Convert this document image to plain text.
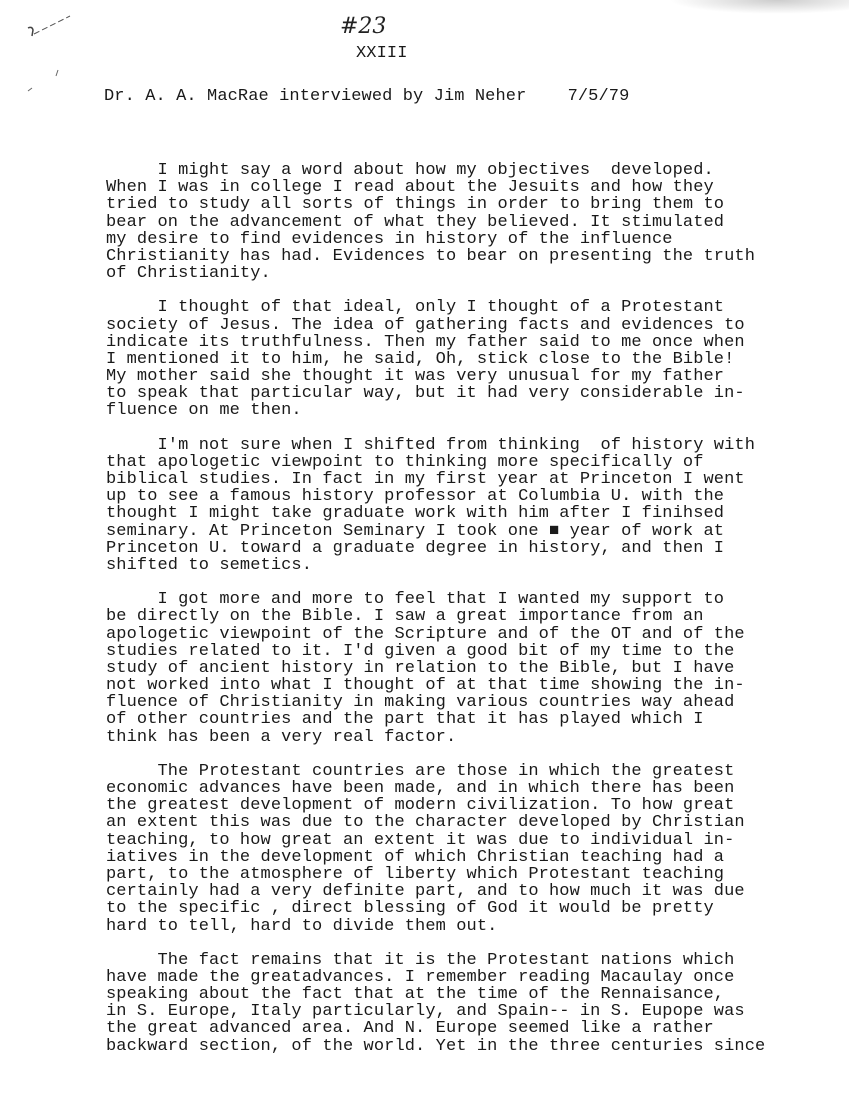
#23
XXIII
Dr. A. A. MacRae interviewed by Jim Neher    7/5/79
I might say a word about how my objectives  developed.
When I was in college I read about the Jesuits and how they
tried to study all sorts of things in order to bring them to
bear on the advancement of what they believed. It stimulated
my desire to find evidences in history of the influence
Christianity has had. Evidences to bear on presenting the truth
of Christianity.
I thought of that ideal, only I thought of a Protestant
society of Jesus. The idea of gathering facts and evidences to
indicate its truthfulness. Then my father said to me once when
I mentioned it to him, he said, Oh, stick close to the Bible!
My mother said she thought it was very unusual for my father
to speak that particular way, but it had very considerable in-
fluence on me then.
I'm not sure when I shifted from thinking  of history with
that apologetic viewpoint to thinking more specifically of
biblical studies. In fact in my first year at Princeton I went
up to see a famous history professor at Columbia U. with the
thought I might take graduate work with him after I finihsed
seminary. At Princeton Seminary I took one ■ year of work at
Princeton U. toward a graduate degree in history, and then I
shifted to semetics.
I got more and more to feel that I wanted my support to
be directly on the Bible. I saw a great importance from an
apologetic viewpoint of the Scripture and of the OT and of the
studies related to it. I'd given a good bit of my time to the
study of ancient history in relation to the Bible, but I have
not worked into what I thought of at that time showing the in-
fluence of Christianity in making various countries way ahead
of other countries and the part that it has played which I
think has been a very real factor.
The Protestant countries are those in which the greatest
economic advances have been made, and in which there has been
the greatest development of modern civilization. To how great
an extent this was due to the character developed by Christian
teaching, to how great an extent it was due to individual in-
iatives in the development of which Christian teaching had a
part, to the atmosphere of liberty which Protestant teaching
certainly had a very definite part, and to how much it was due
to the specific , direct blessing of God it would be pretty
hard to tell, hard to divide them out.
The fact remains that it is the Protestant nations which
have made the greatadvances. I remember reading Macaulay once
speaking about the fact that at the time of the Rennaisance,
in S. Europe, Italy particularly, and Spain-- in S. Eupope was
the great advanced area. And N. Europe seemed like a rather
backward section, of the world. Yet in the three centuries since
